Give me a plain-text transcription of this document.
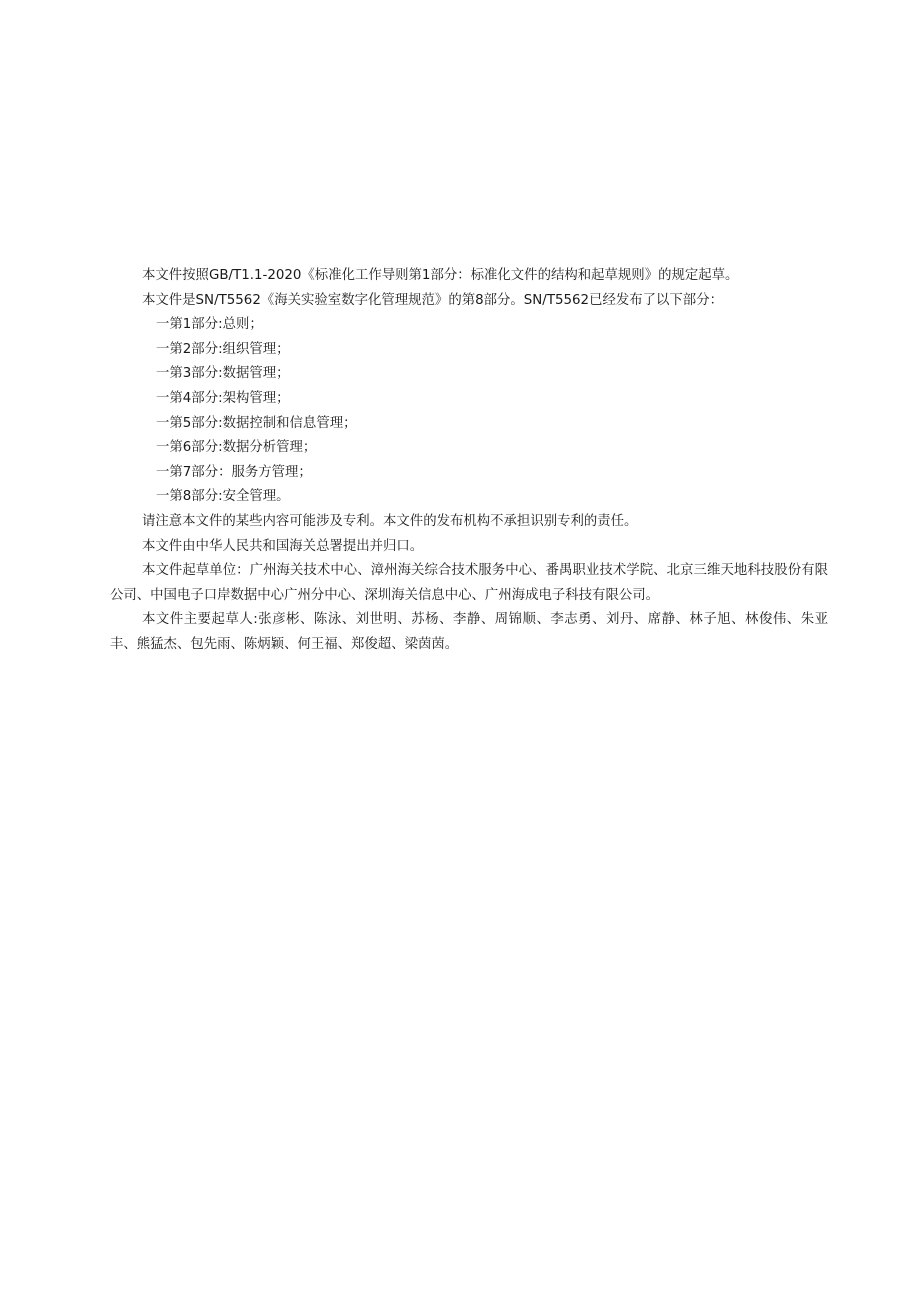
本文件按照GB/T1.1-2020《标准化工作导则第1部分：标准化文件的结构和起草规则》的规定起草。

本文件是SN/T5562《海关实验室数字化管理规范》的第8部分。SN/T5562已经发布了以下部分：

一第1部分:总则；

一第2部分:组织管理；

一第3部分:数据管理；

一第4部分:架构管理；

一第5部分:数据控制和信息管理；

一第6部分:数据分析管理；

一第7部分：服务方管理；

一第8部分:安全管理。

请注意本文件的某些内容可能涉及专利。本文件的发布机构不承担识别专利的责任。

本文件由中华人民共和国海关总署提出并归口。

本文件起草单位：广州海关技术中心、漳州海关综合技术服务中心、番禺职业技术学院、北京三维天地科技股份有限公司、中国电子口岸数据中心广州分中心、深圳海关信息中心、广州海成电子科技有限公司。

本文件主要起草人:张彦彬、陈泳、刘世明、苏杨、李静、周锦顺、李志勇、刘丹、席静、林子旭、林俊伟、朱亚丰、熊猛杰、包先雨、陈炳颖、何王福、郑俊超、梁茵茵。
